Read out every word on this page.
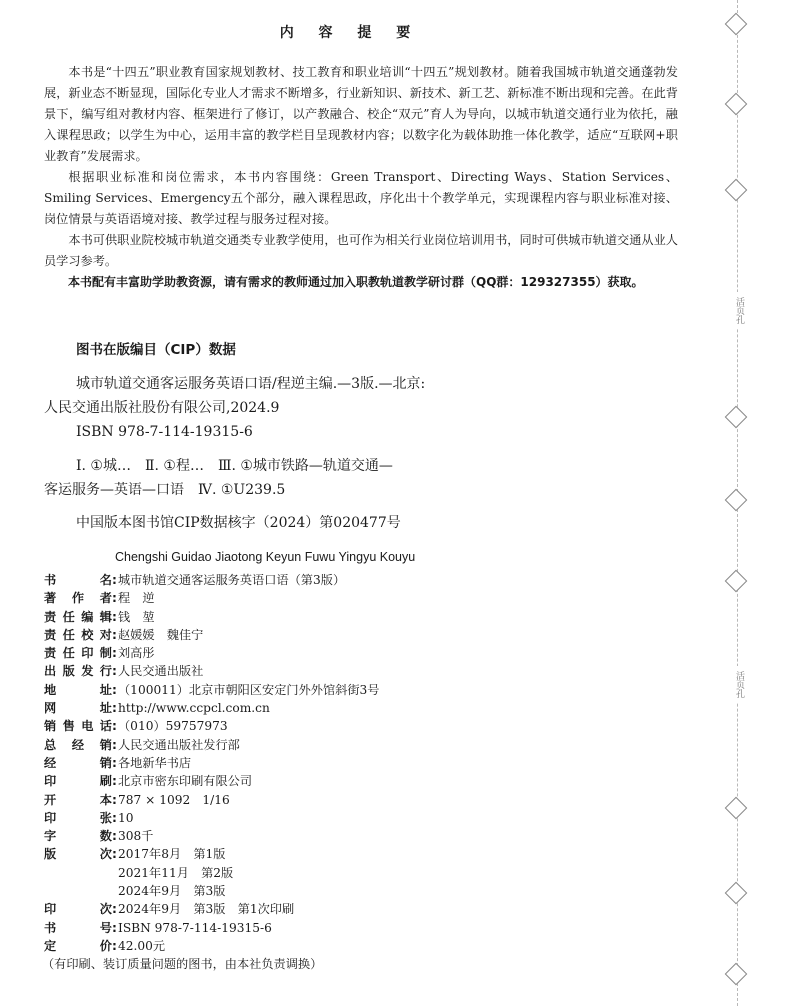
内 容 提 要

本书是“十四五”职业教育国家规划教材、技工教育和职业培训“十四五”规划教材。随着我国城市轨道交通蓬勃发展，新业态不断显现，国际化专业人才需求不断增多，行业新知识、新技术、新工艺、新标准不断出现和完善。在此背景下，编写组对教材内容、框架进行了修订，以产教融合、校企“双元”育人为导向，以城市轨道交通行业为依托，融入课程思政；以学生为中心，运用丰富的教学栏目呈现教材内容；以数字化为载体助推一体化教学，适应“互联网+职业教育”发展需求。

根据职业标准和岗位需求，本书内容围绕：Green Transport、Directing Ways、Station Services、Smiling Services、Emergency五个部分，融入课程思政，序化出十个教学单元，实现课程内容与职业标准对接、岗位情景与英语语境对接、教学过程与服务过程对接。

本书可供职业院校城市轨道交通类专业教学使用，也可作为相关行业岗位培训用书，同时可供城市轨道交通从业人员学习参考。

本书配有丰富助学助教资源，请有需求的教师通过加入职教轨道教学研讨群（QQ群：129327355）获取。

图书在版编目（CIP）数据
城市轨道交通客运服务英语口语/程逆主编.—3版.—北京:
人民交通出版社股份有限公司,2024.9
ISBN 978-7-114-19315-6
I. ①城…　Ⅱ. ①程…　Ⅲ. ①城市铁路—轨道交通—
客运服务—英语—口语　Ⅳ. ①U239.5
中国版本图书馆CIP数据核字（2024）第020477号
Chengshi Guidao Jiaotong Keyun Fuwu Yingyu Kouyu
书名 : 城市轨道交通客运服务英语口语（第3版）
著作者 : 程　逆
责任编辑 : 钱　堃
责任校对 : 赵媛媛　魏佳宁
责任印制 : 刘高彤
出版发行 : 人民交通出版社
地址 : （100011）北京市朝阳区安定门外外馆斜街3号
网址 : http://www.ccpcl.com.cn
销售电话 : （010）59757973
总经销 : 人民交通出版社发行部
经销 : 各地新华书店
印刷 : 北京市密东印刷有限公司
开本 : 787 × 1092　1/16
印张 : 10
字数 : 308千
版次 : 2017年8月　第1版
2021年11月　第2版
2024年9月　第3版
印次 : 2024年9月　第3版　第1次印刷
书号 : ISBN 978-7-114-19315-6
定价 : 42.00元
（有印刷、装订质量问题的图书，由本社负责调换）
活页孔
活页孔
